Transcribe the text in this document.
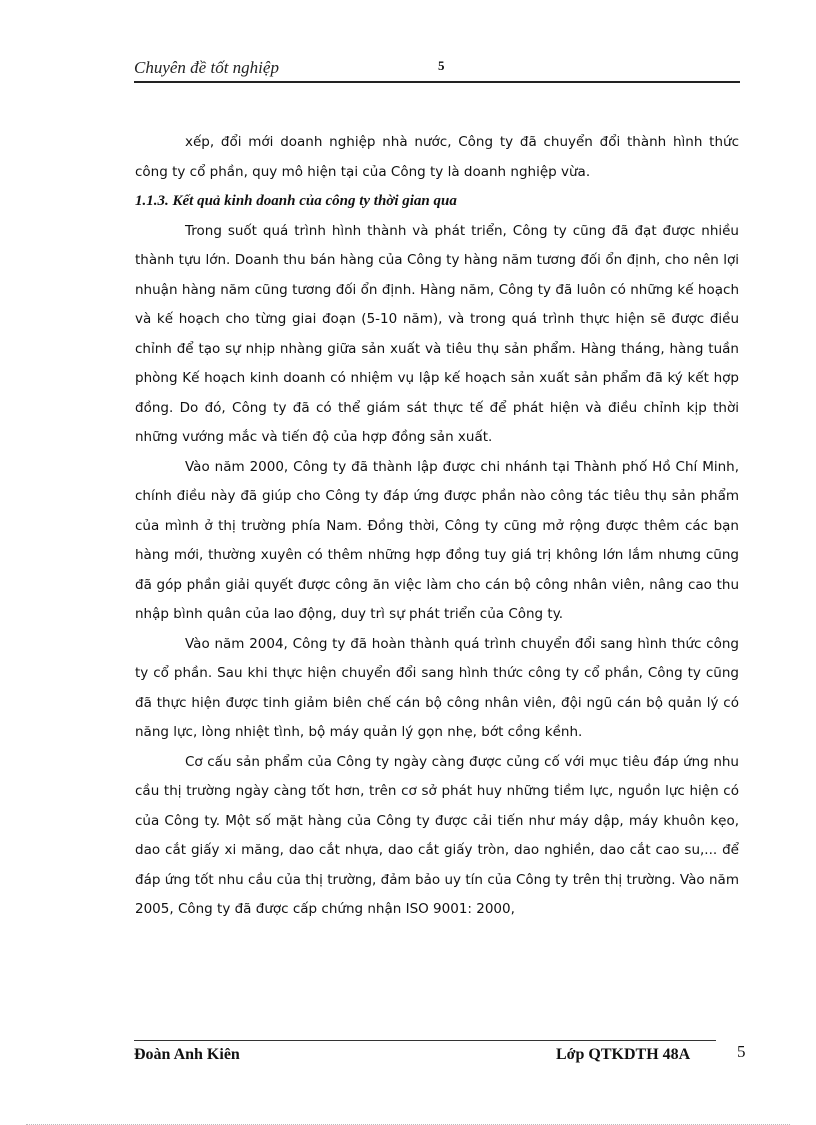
Chuyên đề tốt nghiệp	5

xếp, đổi mới doanh nghiệp nhà nước, Công ty đã chuyển đổi thành hình thức công ty cổ phần, quy mô hiện tại của Công ty là doanh nghiệp vừa.

1.1.3. Kết quả kinh doanh của công ty thời gian qua

Trong suốt quá trình hình thành và phát triển, Công ty cũng đã đạt được nhiều thành tựu lớn. Doanh thu bán hàng của Công ty hàng năm tương đối ổn định, cho nên lợi nhuận hàng năm cũng tương đối ổn định. Hàng năm, Công ty đã luôn có những kế hoạch và kế hoạch cho từng giai đoạn (5-10 năm), và trong quá trình thực hiện sẽ được điều chỉnh để tạo sự nhịp nhàng giữa sản xuất và tiêu thụ sản phẩm. Hàng tháng, hàng tuần phòng Kế hoạch kinh doanh có nhiệm vụ lập kế hoạch sản xuất sản phẩm đã ký kết hợp đồng. Do đó, Công ty đã có thể giám sát thực tế để phát hiện và điều chỉnh kịp thời những vướng mắc và tiến độ của hợp đồng sản xuất.

Vào năm 2000, Công ty đã thành lập được chi nhánh tại Thành phố Hồ Chí Minh, chính điều này đã giúp cho Công ty đáp ứng được phần nào công tác tiêu thụ sản phẩm của mình ở thị trường phía Nam. Đồng thời, Công ty cũng mở rộng được thêm các bạn hàng mới, thường xuyên có thêm những hợp đồng tuy giá trị không lớn lắm nhưng cũng đã góp phần giải quyết được công ăn việc làm cho cán bộ công nhân viên, nâng cao thu nhập bình quân của lao động, duy trì sự phát triển của Công ty.

Vào năm 2004, Công ty đã hoàn thành quá trình chuyển đổi sang hình thức công ty cổ phần. Sau khi thực hiện chuyển đổi sang hình thức công ty cổ phần, Công ty cũng đã thực hiện được tinh giảm biên chế cán bộ công nhân viên, đội ngũ cán bộ quản lý có năng lực, lòng nhiệt tình, bộ máy quản lý gọn nhẹ, bớt cồng kềnh.

Cơ cấu sản phẩm của Công ty ngày càng được củng cố với mục tiêu đáp ứng nhu cầu thị trường ngày càng tốt hơn, trên cơ sở phát huy những tiềm lực, nguồn lực hiện có của Công ty. Một số mặt hàng của Công ty được cải tiến như máy dập, máy khuôn kẹo, dao cắt giấy xi măng, dao cắt nhựa, dao cắt giấy tròn, dao nghiền, dao cắt cao su,... để đáp ứng tốt nhu cầu của thị trường, đảm bảo uy tín của Công ty trên thị trường. Vào năm 2005, Công ty đã được cấp chứng nhận ISO 9001: 2000,

Đoàn Anh Kiên	Lớp QTKDTH 48A	5
